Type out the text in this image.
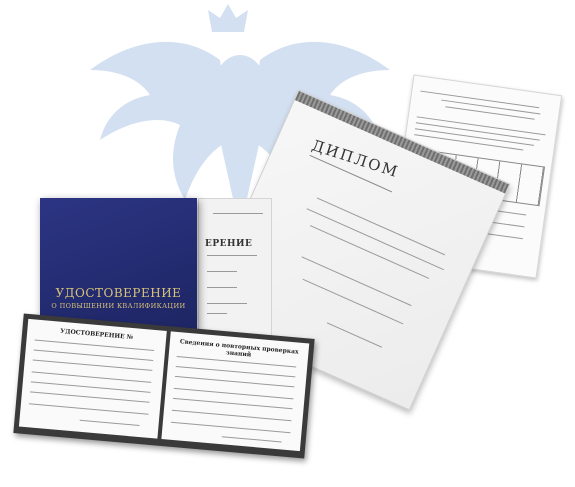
ДИПЛОМ
ЕРЕНИЕ
УДОСТОВЕРЕНИЕ
О ПОВЫШЕНИИ КВАЛИФИКАЦИИ
УДОСТОВЕРЕНИЕ №
Сведения о повторных проверках знаний
